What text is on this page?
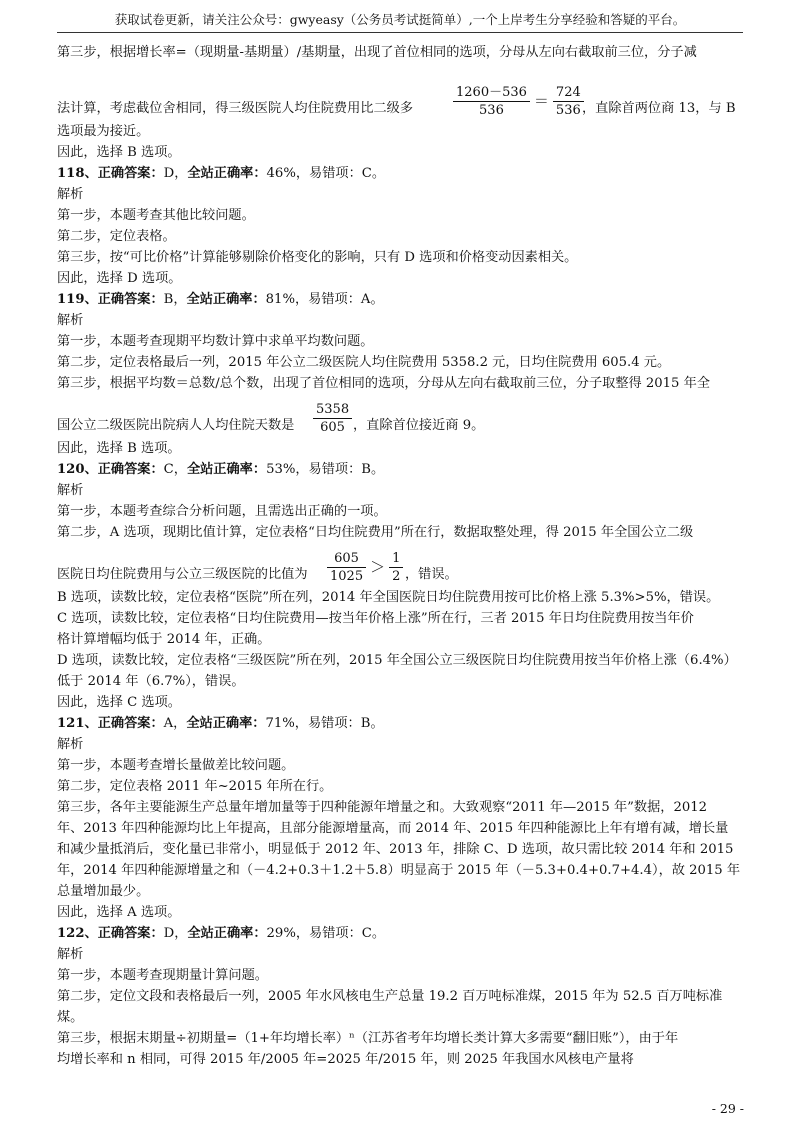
获取试卷更新，请关注公众号：gwyeasy（公务员考试挺简单）,一个上岸考生分享经验和答疑的平台。
第三步，根据增长率=（现期量-基期量）/基期量，出现了首位相同的选项，分母从左向右截取前三位，分子减
法计算，考虑截位舍相同，得三级医院人均住院费用比二级多	$\frac{1260-536}{536} = \frac{724}{536}$
，直除首两位商 13，与 B
选项最为接近。
因此，选择 B 选项。
118、正确答案：D，全站正确率：46%，易错项：C。
解析
第一步，本题考查其他比较问题。
第二步，定位表格。
第三步，按“可比价格”计算能够剔除价格变化的影响，只有 D 选项和价格变动因素相关。
因此，选择 D 选项。
119、正确答案：B，全站正确率：81%，易错项：A。
解析
第一步，本题考查现期平均数计算中求单平均数问题。
第二步，定位表格最后一列，2015 年公立二级医院人均住院费用 5358.2 元，日均住院费用 605.4 元。
第三步，根据平均数＝总数/总个数，出现了首位相同的选项，分母从左向右截取前三位，分子取整得 2015 年全
国公立二级医院出院病人人均住院天数是 $\frac{5358}{605}$ ，直除首位接近商 9。
因此，选择 B 选项。
120、正确答案：C，全站正确率：53%，易错项：B。
解析
第一步，本题考查综合分析问题，且需选出正确的一项。
第二步，A 选项，现期比值计算，定位表格“日均住院费用”所在行，数据取整处理，得 2015 年全国公立二级
医院日均住院费用与公立三级医院的比值为 $\frac{605}{1025} > \frac{1}{2}$ ，错误。
B 选项，读数比较，定位表格“医院”所在列，2014 年全国医院日均住院费用按可比价格上涨 5.3%>5%，错误。
C 选项，读数比较，定位表格“日均住院费用—按当年价格上涨”所在行，三者 2015 年日均住院费用按当年价
格计算增幅均低于 2014 年，正确。
D 选项，读数比较，定位表格“三级医院”所在列，2015 年全国公立三级医院日均住院费用按当年价格上涨（6.4%）
低于 2014 年（6.7%），错误。
因此，选择 C 选项。
121、正确答案：A，全站正确率：71%，易错项：B。
解析
第一步，本题考查增长量做差比较问题。
第二步，定位表格 2011 年~2015 年所在行。
第三步，各年主要能源生产总量年增加量等于四种能源年增量之和。大致观察“2011 年—2015 年”数据，2012
年、2013 年四种能源均比上年提高，且部分能源增量高，而 2014 年、2015 年四种能源比上年有增有减，增长量
和减少量抵消后，变化量已非常小，明显低于 2012 年、2013 年，排除 C、D 选项，故只需比较 2014 年和 2015
年，2014 年四种能源增量之和（－4.2+0.3＋1.2＋5.8）明显高于 2015 年（－5.3+0.4+0.7+4.4），故 2015 年
总量增加最少。
因此，选择 A 选项。
122、正确答案：D，全站正确率：29%，易错项：C。
解析
第一步，本题考查现期量计算问题。
第二步，定位文段和表格最后一列，2005 年水风核电生产总量 19.2 百万吨标准煤，2015 年为 52.5 百万吨标准
煤。
第三步，根据末期量÷初期量=（1+年均增长率）ⁿ（江苏省考年均增长类计算大多需要“翻旧账”），由于年
均增长率和 n 相同，可得 2015 年/2005 年=2025 年/2015 年，则 2025 年我国水风核电产量将
- 29 -
